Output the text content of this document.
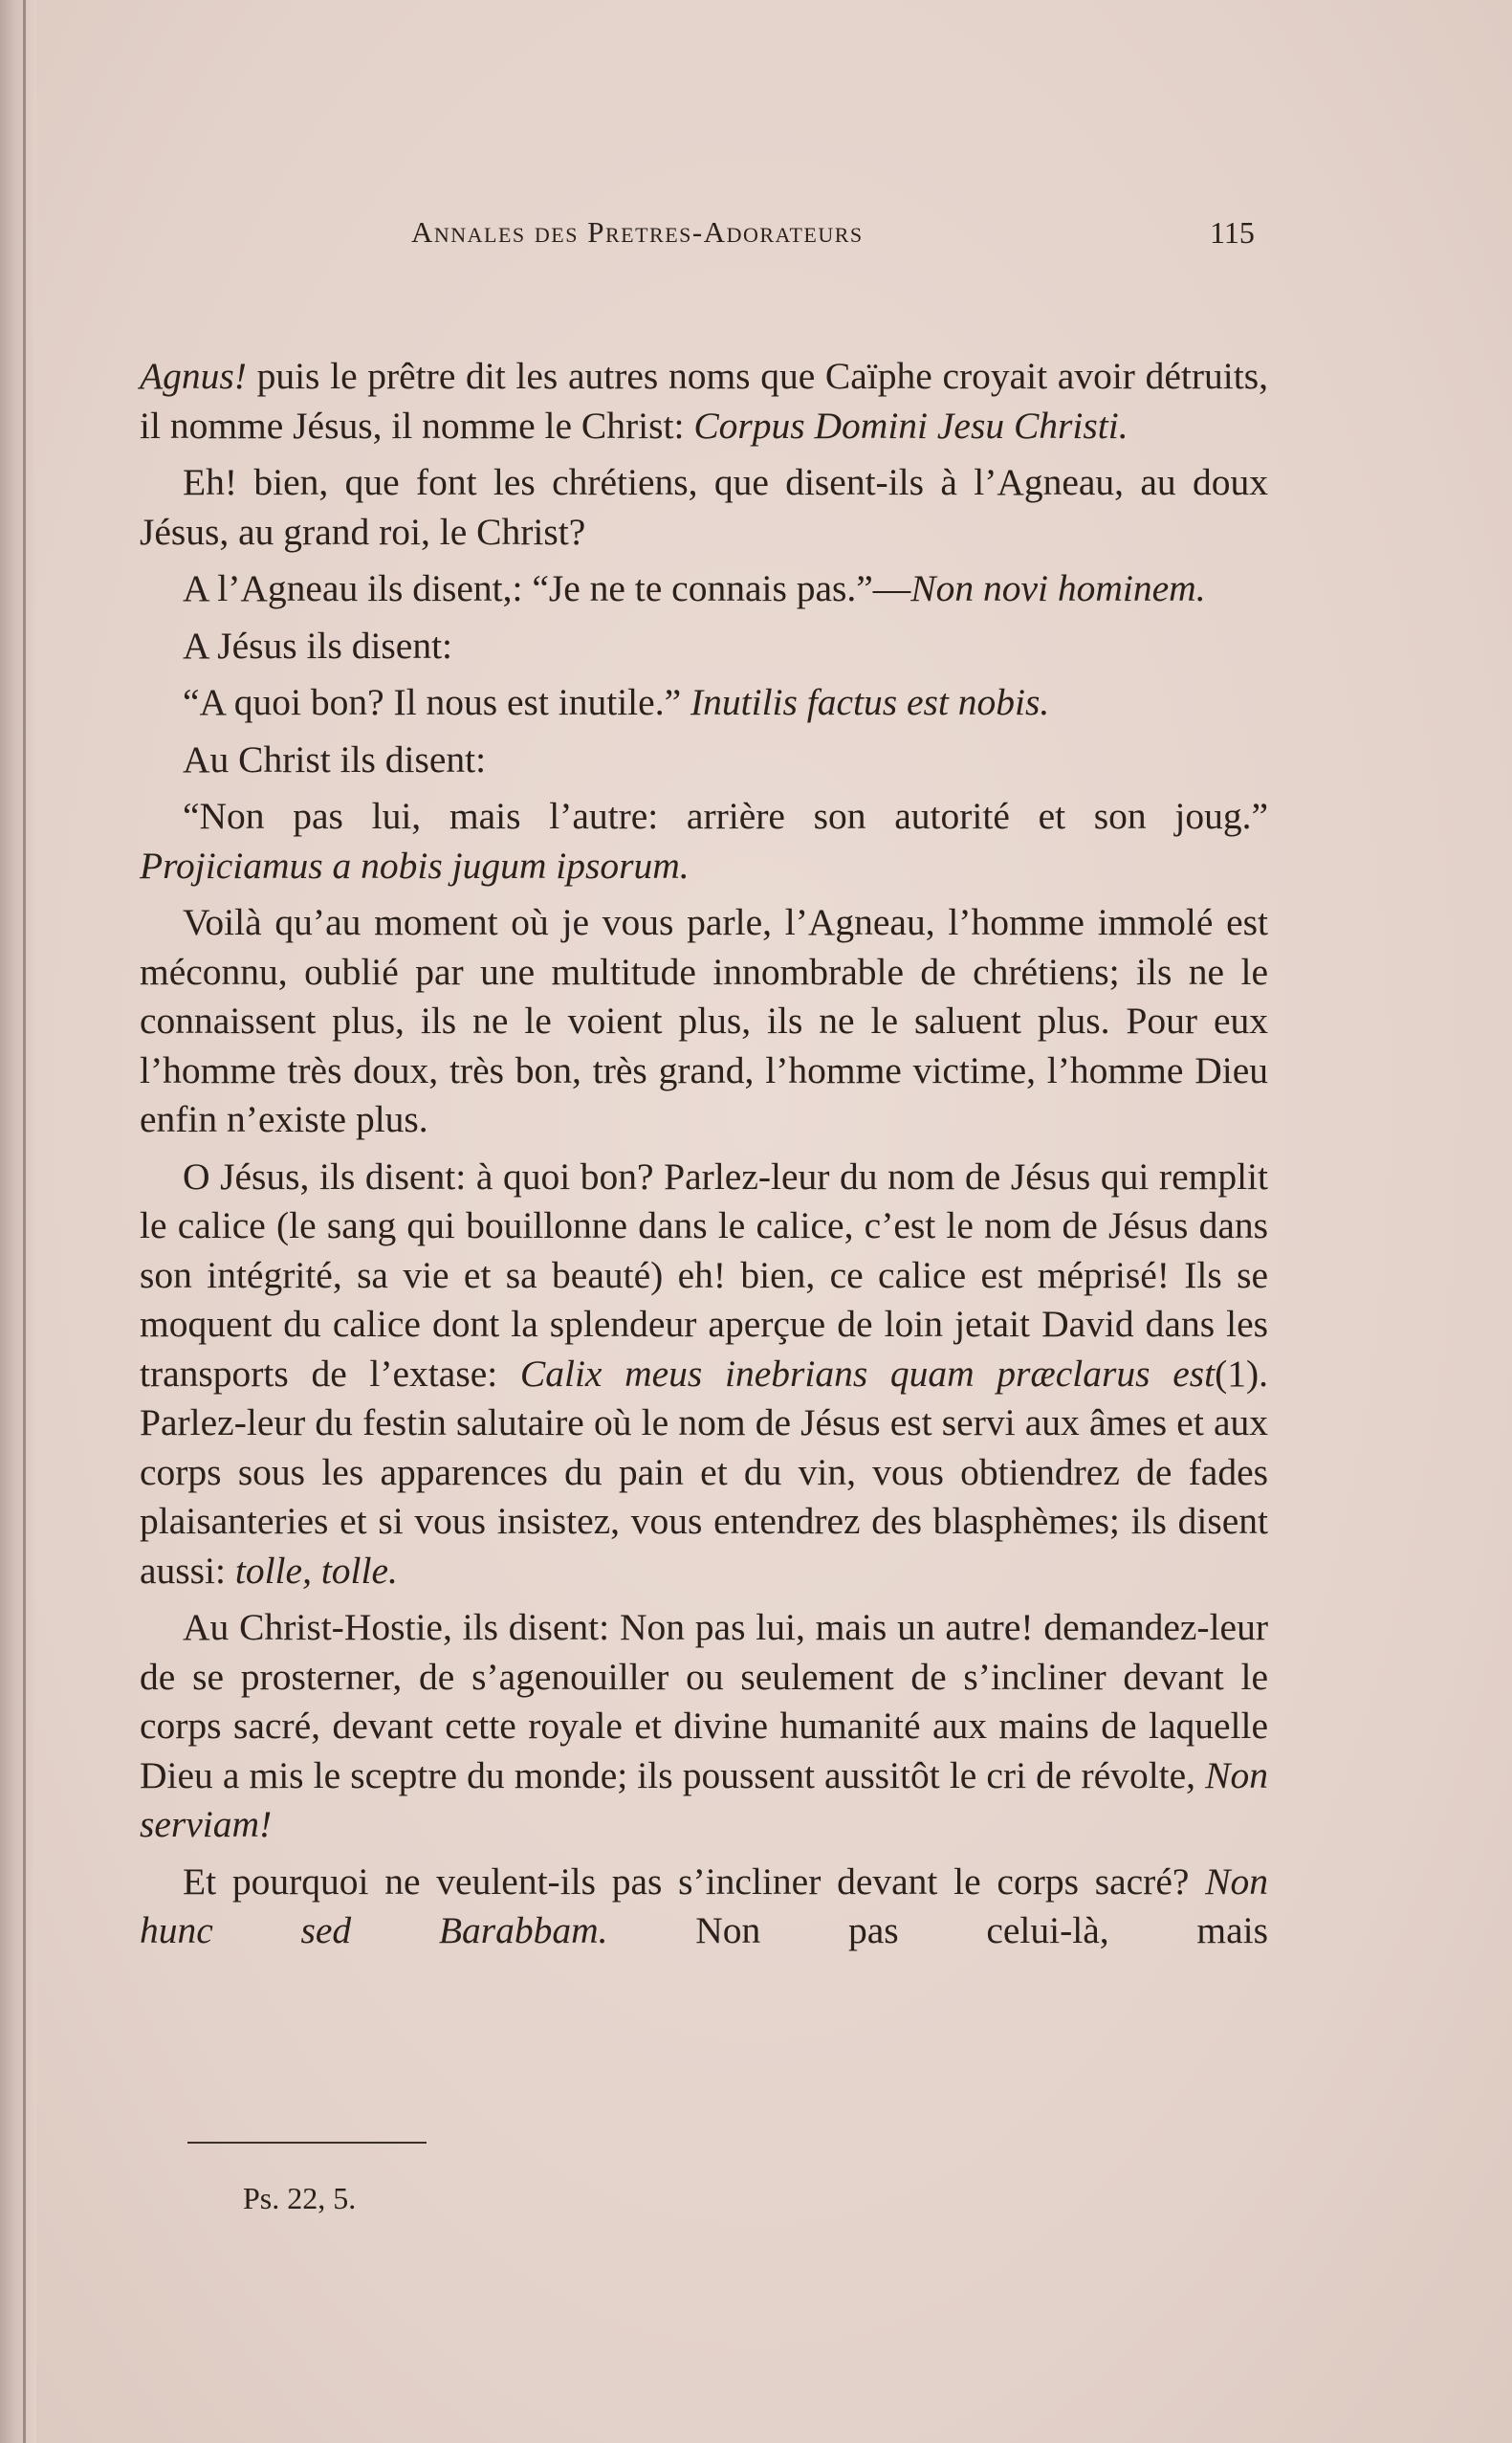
Annales des Pretres-Adorateurs	115

Agnus! puis le prêtre dit les autres noms que Caïphe croyait avoir détruits, il nomme Jésus, il nomme le Christ: Corpus Domini Jesu Christi.

Eh! bien, que font les chrétiens, que disent-ils à l’Agneau, au doux Jésus, au grand roi, le Christ?

A l’Agneau ils disent,: “Je ne te connais pas.”—Non novi hominem.

A Jésus ils disent:

“A quoi bon? Il nous est inutile.” Inutilis factus est nobis.

Au Christ ils disent:

“Non pas lui, mais l’autre: arrière son autorité et son joug.” Projiciamus a nobis jugum ipsorum.

Voilà qu’au moment où je vous parle, l’Agneau, l’homme immolé est méconnu, oublié par une multitude innombrable de chrétiens; ils ne le connaissent plus, ils ne le voient plus, ils ne le saluent plus. Pour eux l’homme très doux, très bon, très grand, l’homme victime, l’homme Dieu enfin n’existe plus.

O Jésus, ils disent: à quoi bon? Parlez-leur du nom de Jésus qui remplit le calice (le sang qui bouillonne dans le calice, c’est le nom de Jésus dans son intégrité, sa vie et sa beauté) eh! bien, ce calice est méprisé! Ils se moquent du calice dont la splendeur aperçue de loin jetait David dans les transports de l’extase: Calix meus inebrians quam præclarus est(1). Parlez-leur du festin salutaire où le nom de Jésus est servi aux âmes et aux corps sous les apparences du pain et du vin, vous obtiendrez de fades plaisanteries et si vous insistez, vous entendrez des blasphèmes; ils disent aussi: tolle, tolle.

Au Christ-Hostie, ils disent: Non pas lui, mais un autre! demandez-leur de se prosterner, de s’agenouiller ou seulement de s’incliner devant le corps sacré, devant cette royale et divine humanité aux mains de laquelle Dieu a mis le sceptre du monde; ils poussent aussitôt le cri de révolte, Non serviam!

Et pourquoi ne veulent-ils pas s’incliner devant le corps sacré? Non hunc sed Barabbam. Non pas celui-là, mais

Ps. 22, 5.
